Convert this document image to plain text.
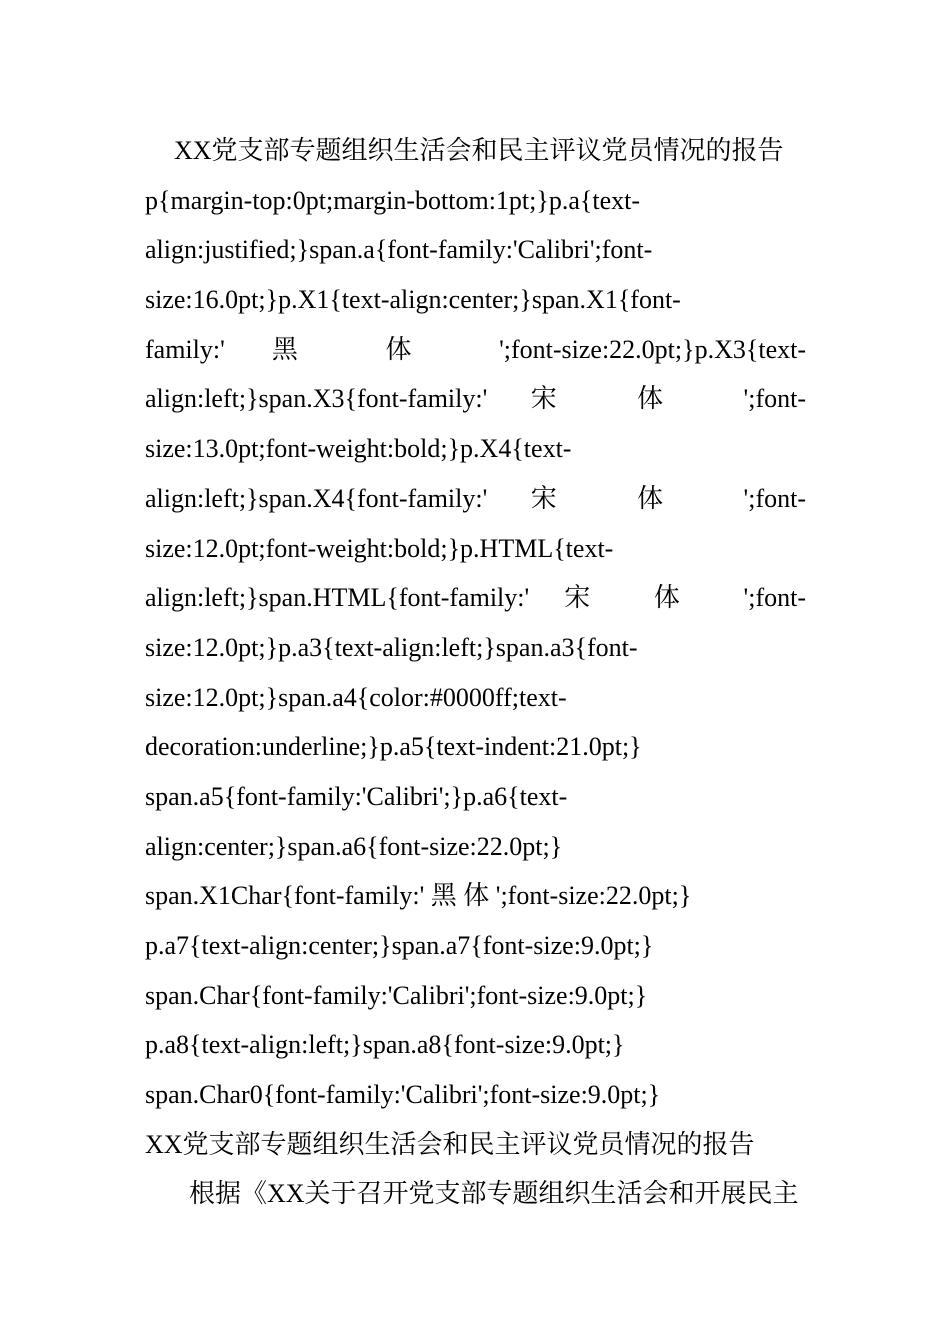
XX党支部专题组织生活会和民主评议党员情况的报告
p{margin-top:0pt;margin-bottom:1pt;}p.a{text-
align:justified;}span.a{font-family:'Calibri';font-
size:16.0pt;}p.X1{text-align:center;}span.X1{font-
family:' 黑 体 ';font-size:22.0pt;}p.X3{text-
align:left;}span.X3{font-family:' 宋 体 ';font-
size:13.0pt;font-weight:bold;}p.X4{text-
align:left;}span.X4{font-family:' 宋 体 ';font-
size:12.0pt;font-weight:bold;}p.HTML{text-
align:left;}span.HTML{font-family:' 宋 体 ';font-
size:12.0pt;}p.a3{text-align:left;}span.a3{font-
size:12.0pt;}span.a4{color:#0000ff;text-
decoration:underline;}p.a5{text-indent:21.0pt;}
span.a5{font-family:'Calibri';}p.a6{text-
align:center;}span.a6{font-size:22.0pt;}
span.X1Char{font-family:' 黑 体 ';font-size:22.0pt;}
p.a7{text-align:center;}span.a7{font-size:9.0pt;}
span.Char{font-family:'Calibri';font-size:9.0pt;}
p.a8{text-align:left;}span.a8{font-size:9.0pt;}
span.Char0{font-family:'Calibri';font-size:9.0pt;}
XX党支部专题组织生活会和民主评议党员情况的报告
根据《XX关于召开党支部专题组织生活会和开展民主
